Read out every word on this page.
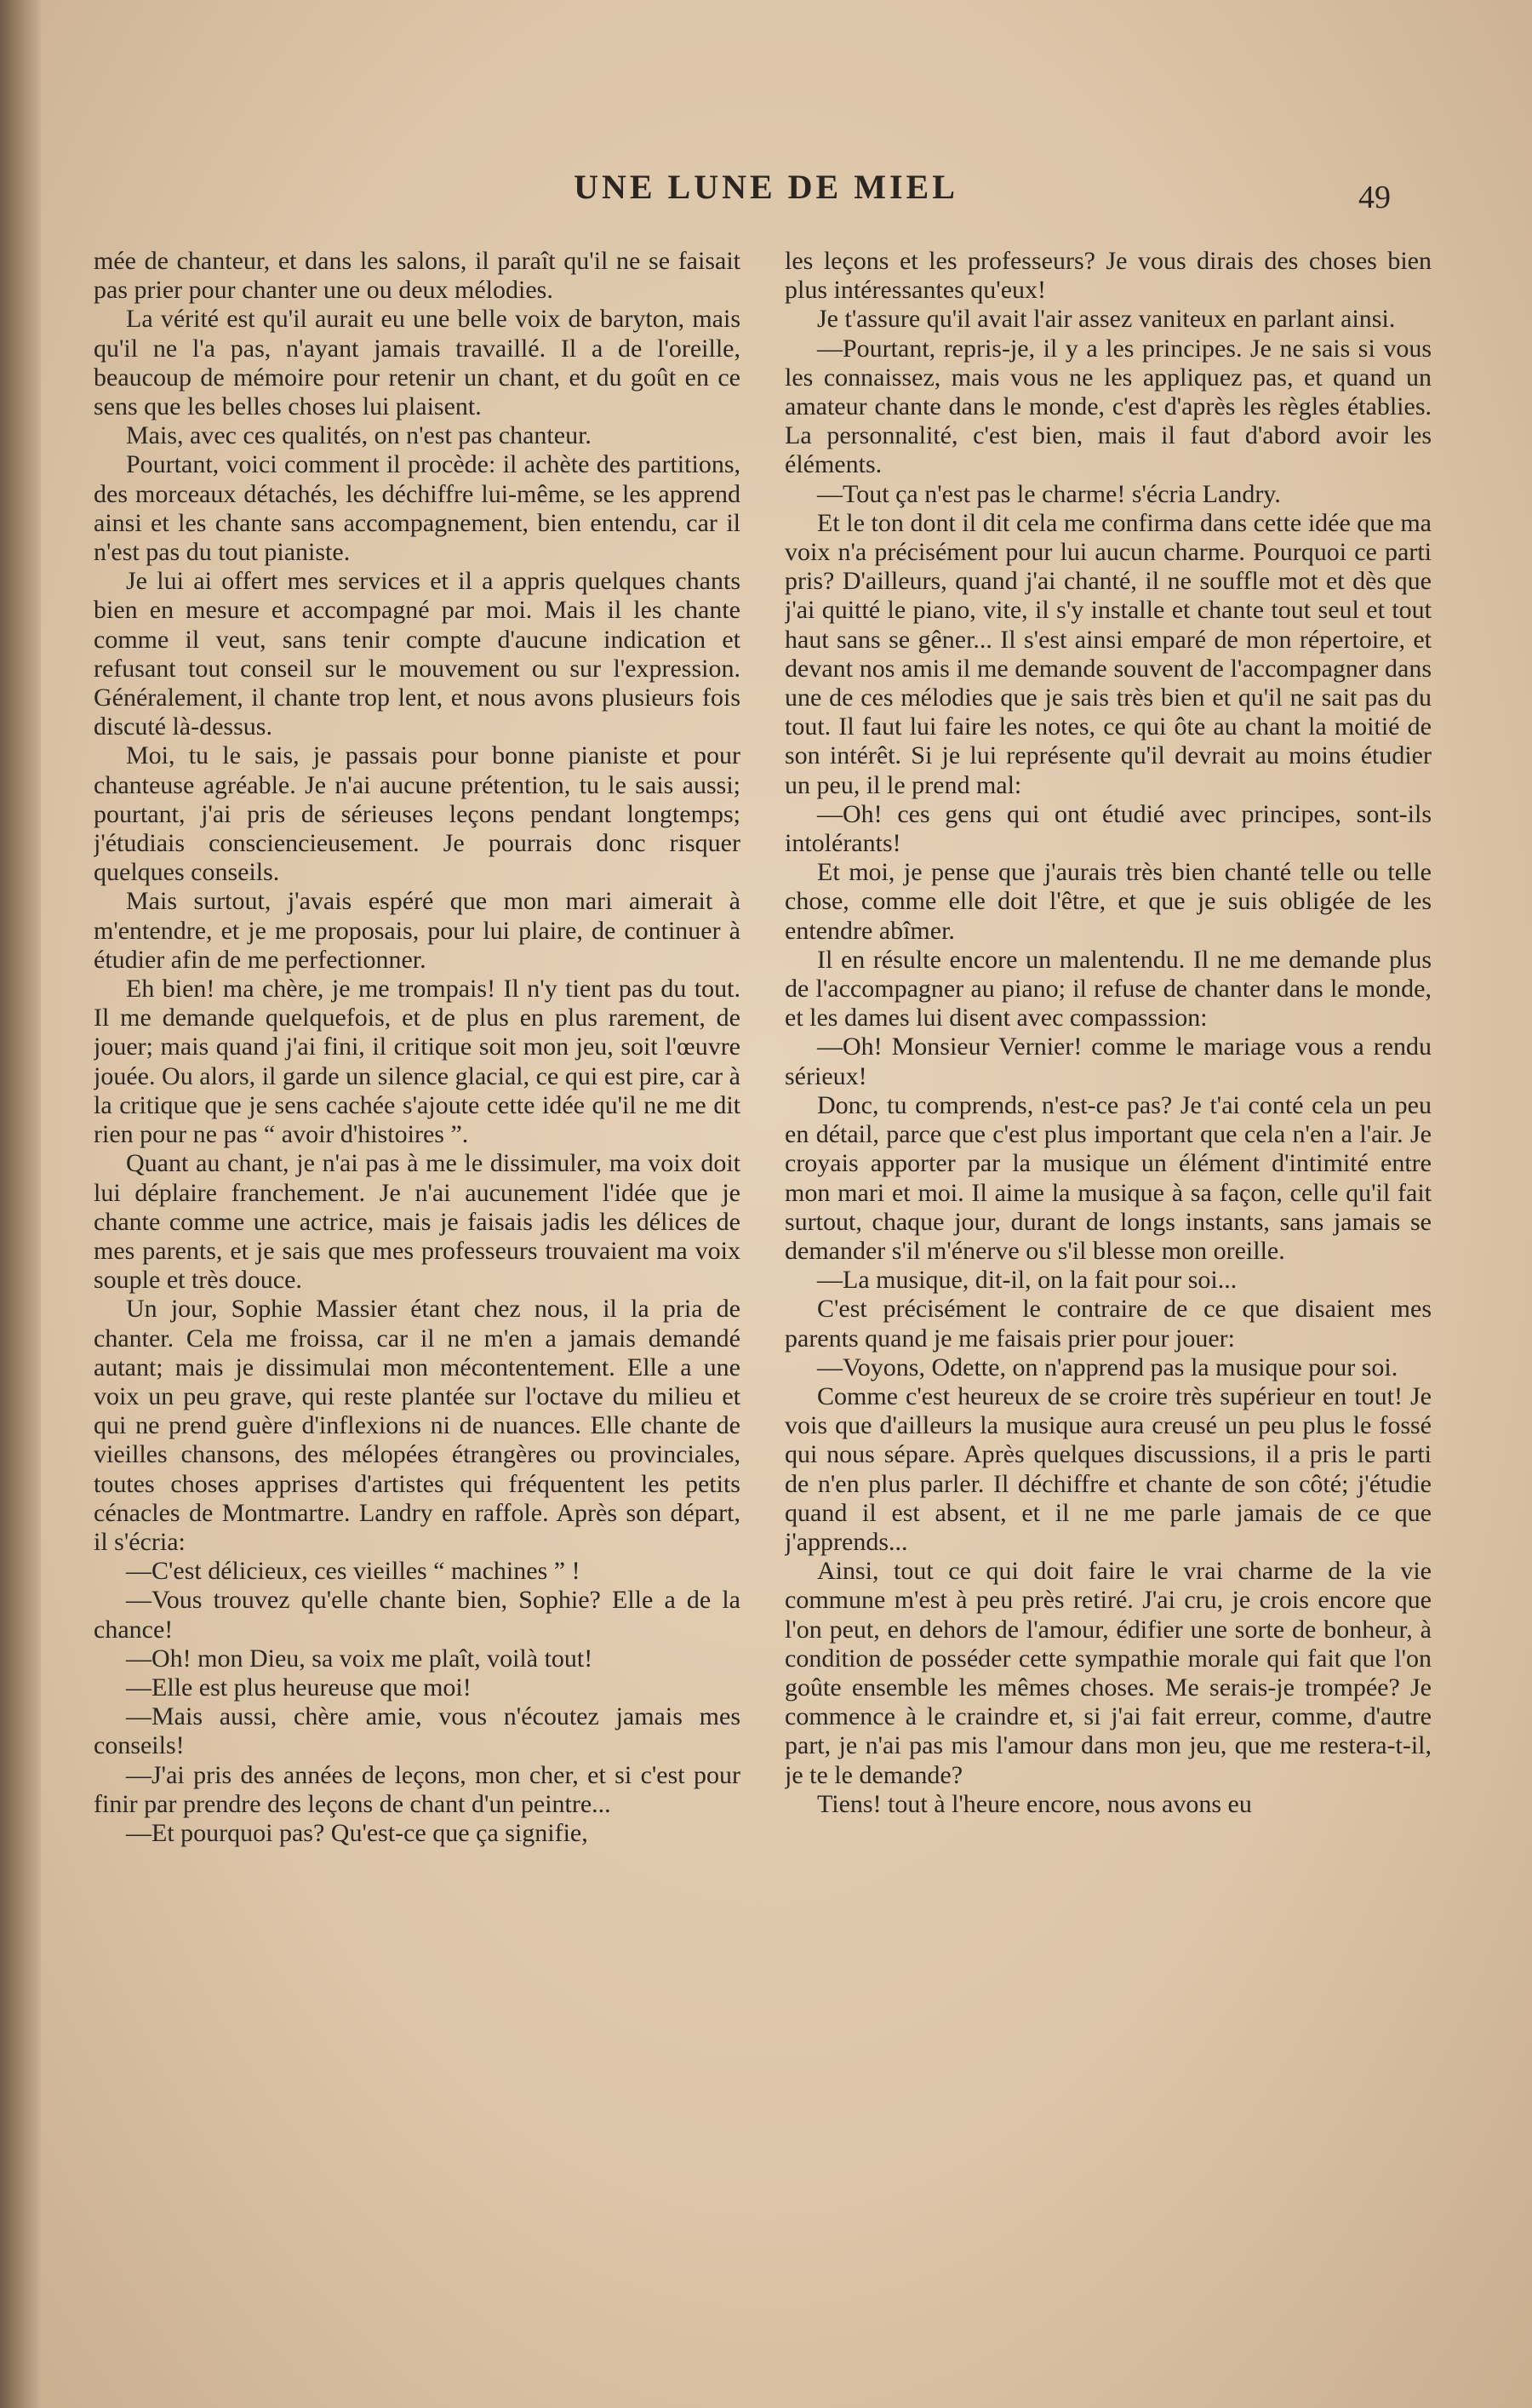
UNE LUNE DE MIEL	49

mée de chanteur, et dans les salons, il paraît qu'il ne se faisait pas prier pour chanter une ou deux mélodies.

La vérité est qu'il aurait eu une belle voix de baryton, mais qu'il ne l'a pas, n'ayant jamais travaillé. Il a de l'oreille, beaucoup de mémoire pour retenir un chant, et du goût en ce sens que les belles choses lui plaisent.

Mais, avec ces qualités, on n'est pas chanteur.

Pourtant, voici comment il procède: il achète des partitions, des morceaux détachés, les déchiffre lui-même, se les apprend ainsi et les chante sans accompagnement, bien entendu, car il n'est pas du tout pianiste.

Je lui ai offert mes services et il a appris quelques chants bien en mesure et accompagné par moi. Mais il les chante comme il veut, sans tenir compte d'aucune indication et refusant tout conseil sur le mouvement ou sur l'expression. Généralement, il chante trop lent, et nous avons plusieurs fois discuté là-dessus.

Moi, tu le sais, je passais pour bonne pianiste et pour chanteuse agréable. Je n'ai aucune prétention, tu le sais aussi; pourtant, j'ai pris de sérieuses leçons pendant longtemps; j'étudiais consciencieusement. Je pourrais donc risquer quelques conseils.

Mais surtout, j'avais espéré que mon mari aimerait à m'entendre, et je me proposais, pour lui plaire, de continuer à étudier afin de me perfectionner.

Eh bien! ma chère, je me trompais! Il n'y tient pas du tout. Il me demande quelquefois, et de plus en plus rarement, de jouer; mais quand j'ai fini, il critique soit mon jeu, soit l'œuvre jouée. Ou alors, il garde un silence glacial, ce qui est pire, car à la critique que je sens cachée s'ajoute cette idée qu'il ne me dit rien pour ne pas “ avoir d'histoires ”.

Quant au chant, je n'ai pas à me le dissimuler, ma voix doit lui déplaire franchement. Je n'ai aucunement l'idée que je chante comme une actrice, mais je faisais jadis les délices de mes parents, et je sais que mes professeurs trouvaient ma voix souple et très douce.

Un jour, Sophie Massier étant chez nous, il la pria de chanter. Cela me froissa, car il ne m'en a jamais demandé autant; mais je dissimulai mon mécontentement. Elle a une voix un peu grave, qui reste plantée sur l'octave du milieu et qui ne prend guère d'inflexions ni de nuances. Elle chante de vieilles chansons, des mélopées étrangères ou provinciales, toutes choses apprises d'artistes qui fréquentent les petits cénacles de Montmartre. Landry en raffole. Après son départ, il s'écria:

—C'est délicieux, ces vieilles “ machines ” !

—Vous trouvez qu'elle chante bien, Sophie? Elle a de la chance!

—Oh! mon Dieu, sa voix me plaît, voilà tout!

—Elle est plus heureuse que moi!

—Mais aussi, chère amie, vous n'écoutez jamais mes conseils!

—J'ai pris des années de leçons, mon cher, et si c'est pour finir par prendre des leçons de chant d'un peintre...

—Et pourquoi pas? Qu'est-ce que ça signifie,

les leçons et les professeurs? Je vous dirais des choses bien plus intéressantes qu'eux!

Je t'assure qu'il avait l'air assez vaniteux en parlant ainsi.

—Pourtant, repris-je, il y a les principes. Je ne sais si vous les connaissez, mais vous ne les appliquez pas, et quand un amateur chante dans le monde, c'est d'après les règles établies. La personnalité, c'est bien, mais il faut d'abord avoir les éléments.

—Tout ça n'est pas le charme! s'écria Landry.

Et le ton dont il dit cela me confirma dans cette idée que ma voix n'a précisément pour lui aucun charme. Pourquoi ce parti pris? D'ailleurs, quand j'ai chanté, il ne souffle mot et dès que j'ai quitté le piano, vite, il s'y installe et chante tout seul et tout haut sans se gêner... Il s'est ainsi emparé de mon répertoire, et devant nos amis il me demande souvent de l'accompagner dans une de ces mélodies que je sais très bien et qu'il ne sait pas du tout. Il faut lui faire les notes, ce qui ôte au chant la moitié de son intérêt. Si je lui représente qu'il devrait au moins étudier un peu, il le prend mal:

—Oh! ces gens qui ont étudié avec principes, sont-ils intolérants!

Et moi, je pense que j'aurais très bien chanté telle ou telle chose, comme elle doit l'être, et que je suis obligée de les entendre abîmer.

Il en résulte encore un malentendu. Il ne me demande plus de l'accompagner au piano; il refuse de chanter dans le monde, et les dames lui disent avec compasssion:

—Oh! Monsieur Vernier! comme le mariage vous a rendu sérieux!

Donc, tu comprends, n'est-ce pas? Je t'ai conté cela un peu en détail, parce que c'est plus important que cela n'en a l'air. Je croyais apporter par la musique un élément d'intimité entre mon mari et moi. Il aime la musique à sa façon, celle qu'il fait surtout, chaque jour, durant de longs instants, sans jamais se demander s'il m'énerve ou s'il blesse mon oreille.

—La musique, dit-il, on la fait pour soi...

C'est précisément le contraire de ce que disaient mes parents quand je me faisais prier pour jouer:

—Voyons, Odette, on n'apprend pas la musique pour soi.

Comme c'est heureux de se croire très supérieur en tout! Je vois que d'ailleurs la musique aura creusé un peu plus le fossé qui nous sépare. Après quelques discussions, il a pris le parti de n'en plus parler. Il déchiffre et chante de son côté; j'étudie quand il est absent, et il ne me parle jamais de ce que j'apprends...

Ainsi, tout ce qui doit faire le vrai charme de la vie commune m'est à peu près retiré. J'ai cru, je crois encore que l'on peut, en dehors de l'amour, édifier une sorte de bonheur, à condition de posséder cette sympathie morale qui fait que l'on goûte ensemble les mêmes choses. Me serais-je trompée? Je commence à le craindre et, si j'ai fait erreur, comme, d'autre part, je n'ai pas mis l'amour dans mon jeu, que me restera-t-il, je te le demande?

Tiens! tout à l'heure encore, nous avons eu
